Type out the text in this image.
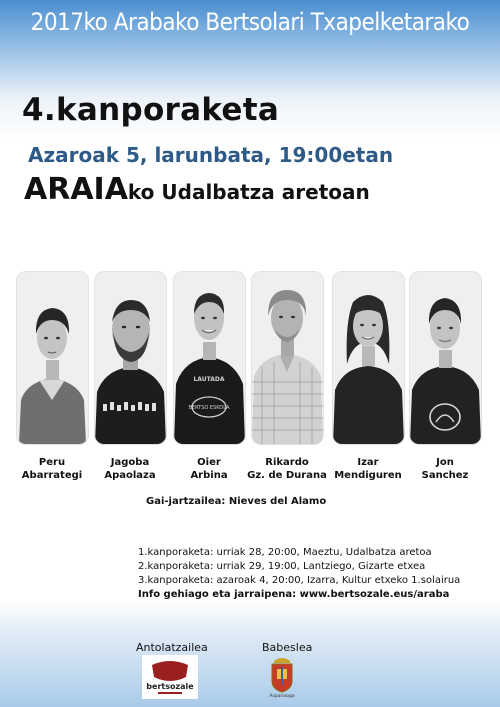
2017ko Arabako Bertsolari Txapelketarako
4.kanporaketa
Azaroak 5, larunbata, 19:00etan
ARAIAko Udalbatza aretoan
LAUTADA
BERTSO ESKOLA
Peru
Abarrategi
Jagoba
Apaolaza
Oier
Arbina
Rikardo
Gz. de Durana
Izar
Mendiguren
Jon
Sanchez
Gai-jartzailea: Nieves del Alamo
1.kanporaketa: urriak 28, 20:00, Maeztu, Udalbatza aretoa
2.kanporaketa: urriak 29, 19:00, Lantziego, Gizarte etxea
3.kanporaketa: azaroak 4, 20:00, Izarra, Kultur etxeko 1.solairua
Info gehiago eta jarraipena: www.bertsozale.eus/araba
Antolatzailea	Babeslea
bertsozale
Aspariooga
